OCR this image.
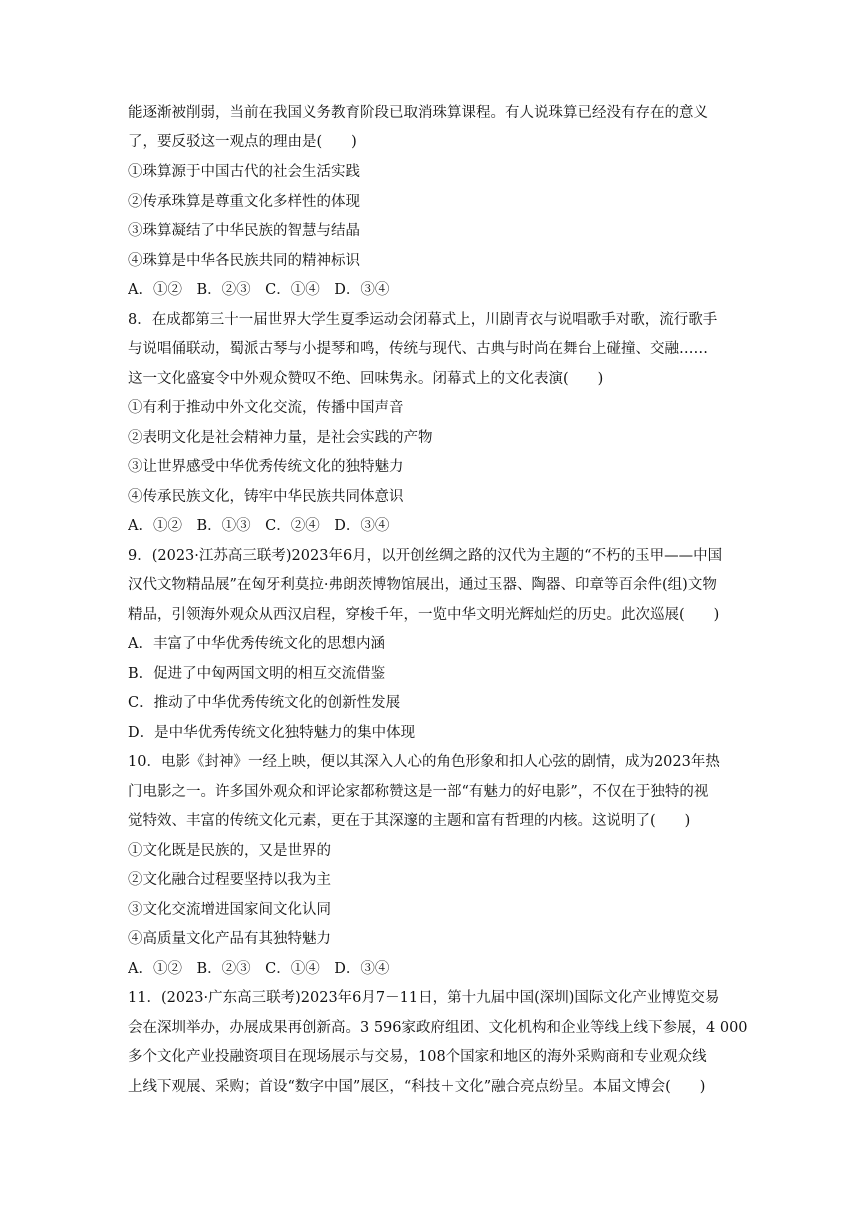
能逐渐被削弱，当前在我国义务教育阶段已取消珠算课程。有人说珠算已经没有存在的意义
了，要反驳这一观点的理由是(　　)
①珠算源于中国古代的社会生活实践
②传承珠算是尊重文化多样性的体现
③珠算凝结了中华民族的智慧与结晶
④珠算是中华各民族共同的精神标识
A．①②　B．②③　C．①④　D．③④
8．在成都第三十一届世界大学生夏季运动会闭幕式上，川剧青衣与说唱歌手对歌，流行歌手
与说唱俑联动，蜀派古琴与小提琴和鸣，传统与现代、古典与时尚在舞台上碰撞、交融……
这一文化盛宴令中外观众赞叹不绝、回味隽永。闭幕式上的文化表演(　　)
①有利于推动中外文化交流，传播中国声音
②表明文化是社会精神力量，是社会实践的产物
③让世界感受中华优秀传统文化的独特魅力
④传承民族文化，铸牢中华民族共同体意识
A．①②　B．①③　C．②④　D．③④
9．(2023·江苏高三联考)2023年6月，以开创丝绸之路的汉代为主题的“不朽的玉甲——中国
汉代文物精品展”在匈牙利莫拉·弗朗茨博物馆展出，通过玉器、陶器、印章等百余件(组)文物
精品，引领海外观众从西汉启程，穿梭千年，一览中华文明光辉灿烂的历史。此次巡展(　　)
A．丰富了中华优秀传统文化的思想内涵
B．促进了中匈两国文明的相互交流借鉴
C．推动了中华优秀传统文化的创新性发展
D．是中华优秀传统文化独特魅力的集中体现
10．电影《封神》一经上映，便以其深入人心的角色形象和扣人心弦的剧情，成为2023年热
门电影之一。许多国外观众和评论家都称赞这是一部“有魅力的好电影”，不仅在于独特的视
觉特效、丰富的传统文化元素，更在于其深邃的主题和富有哲理的内核。这说明了(　　)
①文化既是民族的，又是世界的
②文化融合过程要坚持以我为主
③文化交流增进国家间文化认同
④高质量文化产品有其独特魅力
A．①②　B．②③　C．①④　D．③④
11．(2023·广东高三联考)2023年6月7－11日，第十九届中国(深圳)国际文化产业博览交易
会在深圳举办，办展成果再创新高。3 596家政府组团、文化机构和企业等线上线下参展，4 000
多个文化产业投融资项目在现场展示与交易，108个国家和地区的海外采购商和专业观众线
上线下观展、采购；首设“数字中国”展区，“科技＋文化”融合亮点纷呈。本届文博会(　　)
